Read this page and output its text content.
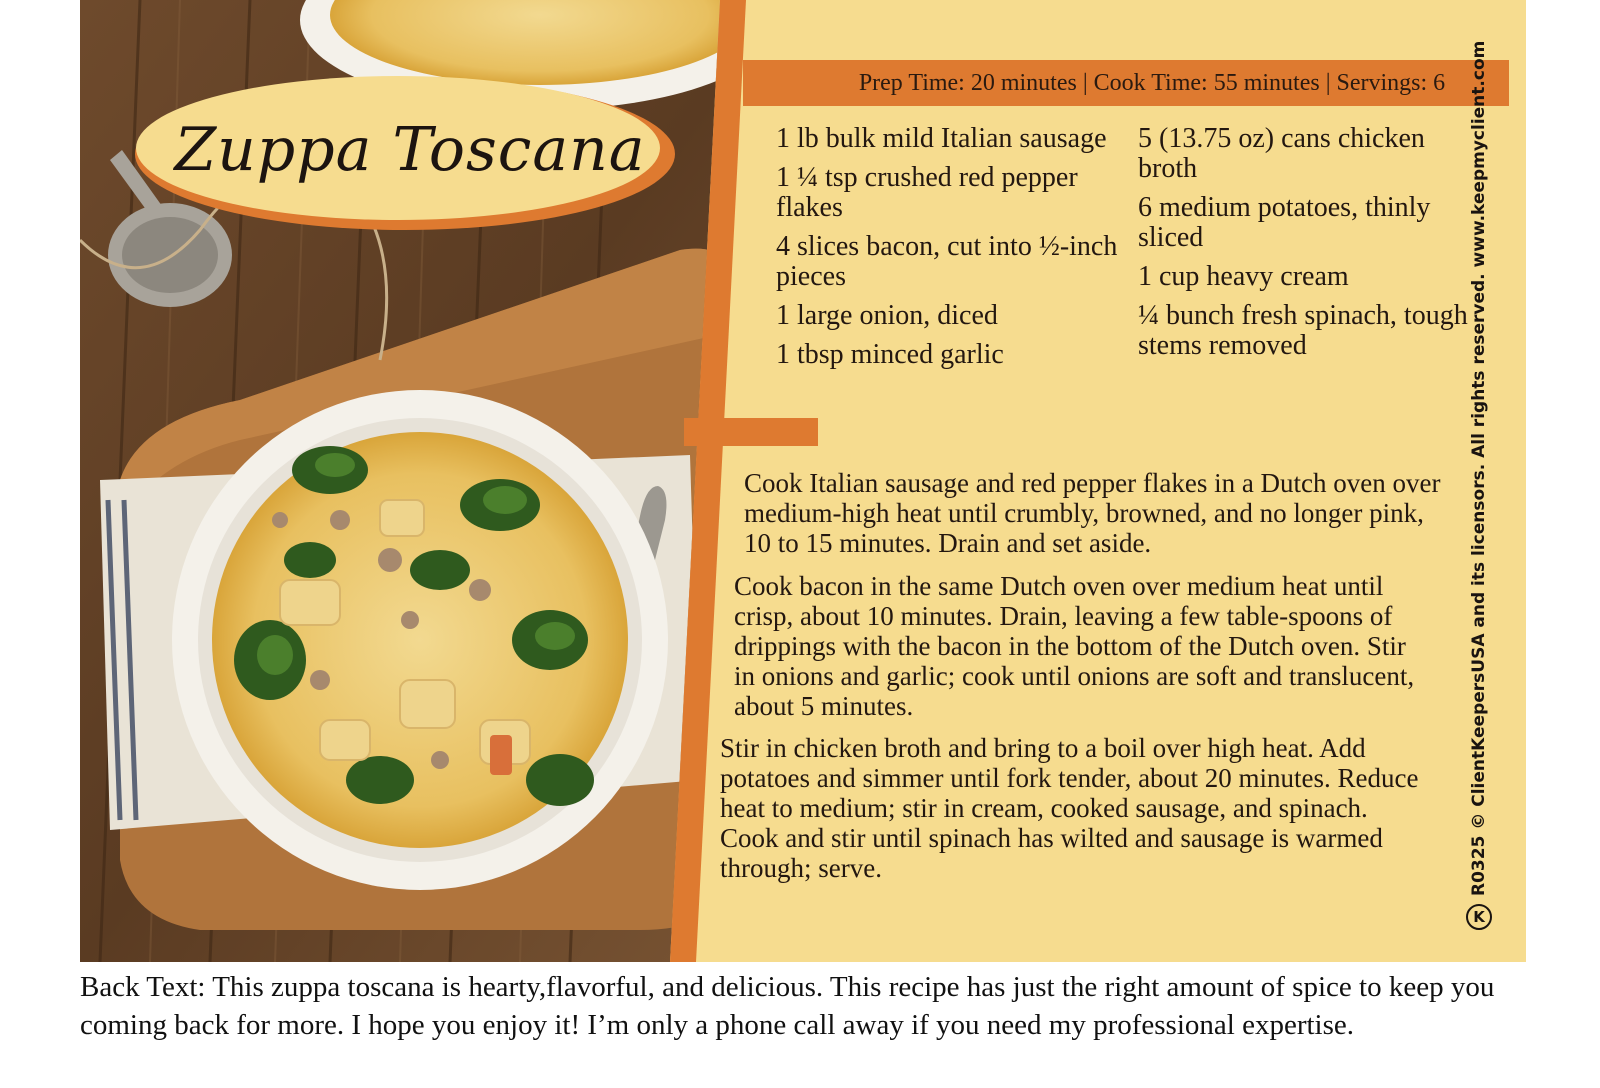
Zuppa Toscana
Prep Time: 20 minutes | Cook Time: 55 minutes | Servings: 6

1 lb bulk mild Italian sausage

1 ¼ tsp crushed red pepper flakes

4 slices bacon, cut into ½-inch pieces

1 large onion, diced

1 tbsp minced garlic

5 (13.75 oz) cans chicken broth

6 medium potatoes, thinly sliced

1 cup heavy cream

¼ bunch fresh spinach, tough stems removed

Cook Italian sausage and red pepper flakes in a Dutch oven over medium-high heat until crumbly, browned, and no longer pink, 10 to 15 minutes. Drain and set aside.
Cook bacon in the same Dutch oven over medium heat until crisp, about 10 minutes. Drain, leaving a few table-spoons of drippings with the bacon in the bottom of the Dutch oven. Stir in onions and garlic; cook until onions are soft and translucent, about 5 minutes.
Stir in chicken broth and bring to a boil over high heat. Add potatoes and simmer until fork tender, about 20 minutes. Reduce heat to medium; stir in cream, cooked sausage, and spinach. Cook and stir until spinach has wilted and sausage is warmed through; serve.
K
R0325 © ClientKeepersUSA and its licensors. All rights reserved. www.keepmyclient.com
Back Text: This zuppa toscana is hearty,flavorful, and delicious. This recipe has just the right amount of spice to keep you coming back for more. I hope you enjoy it! I’m only a phone call away if you need my professional expertise.
